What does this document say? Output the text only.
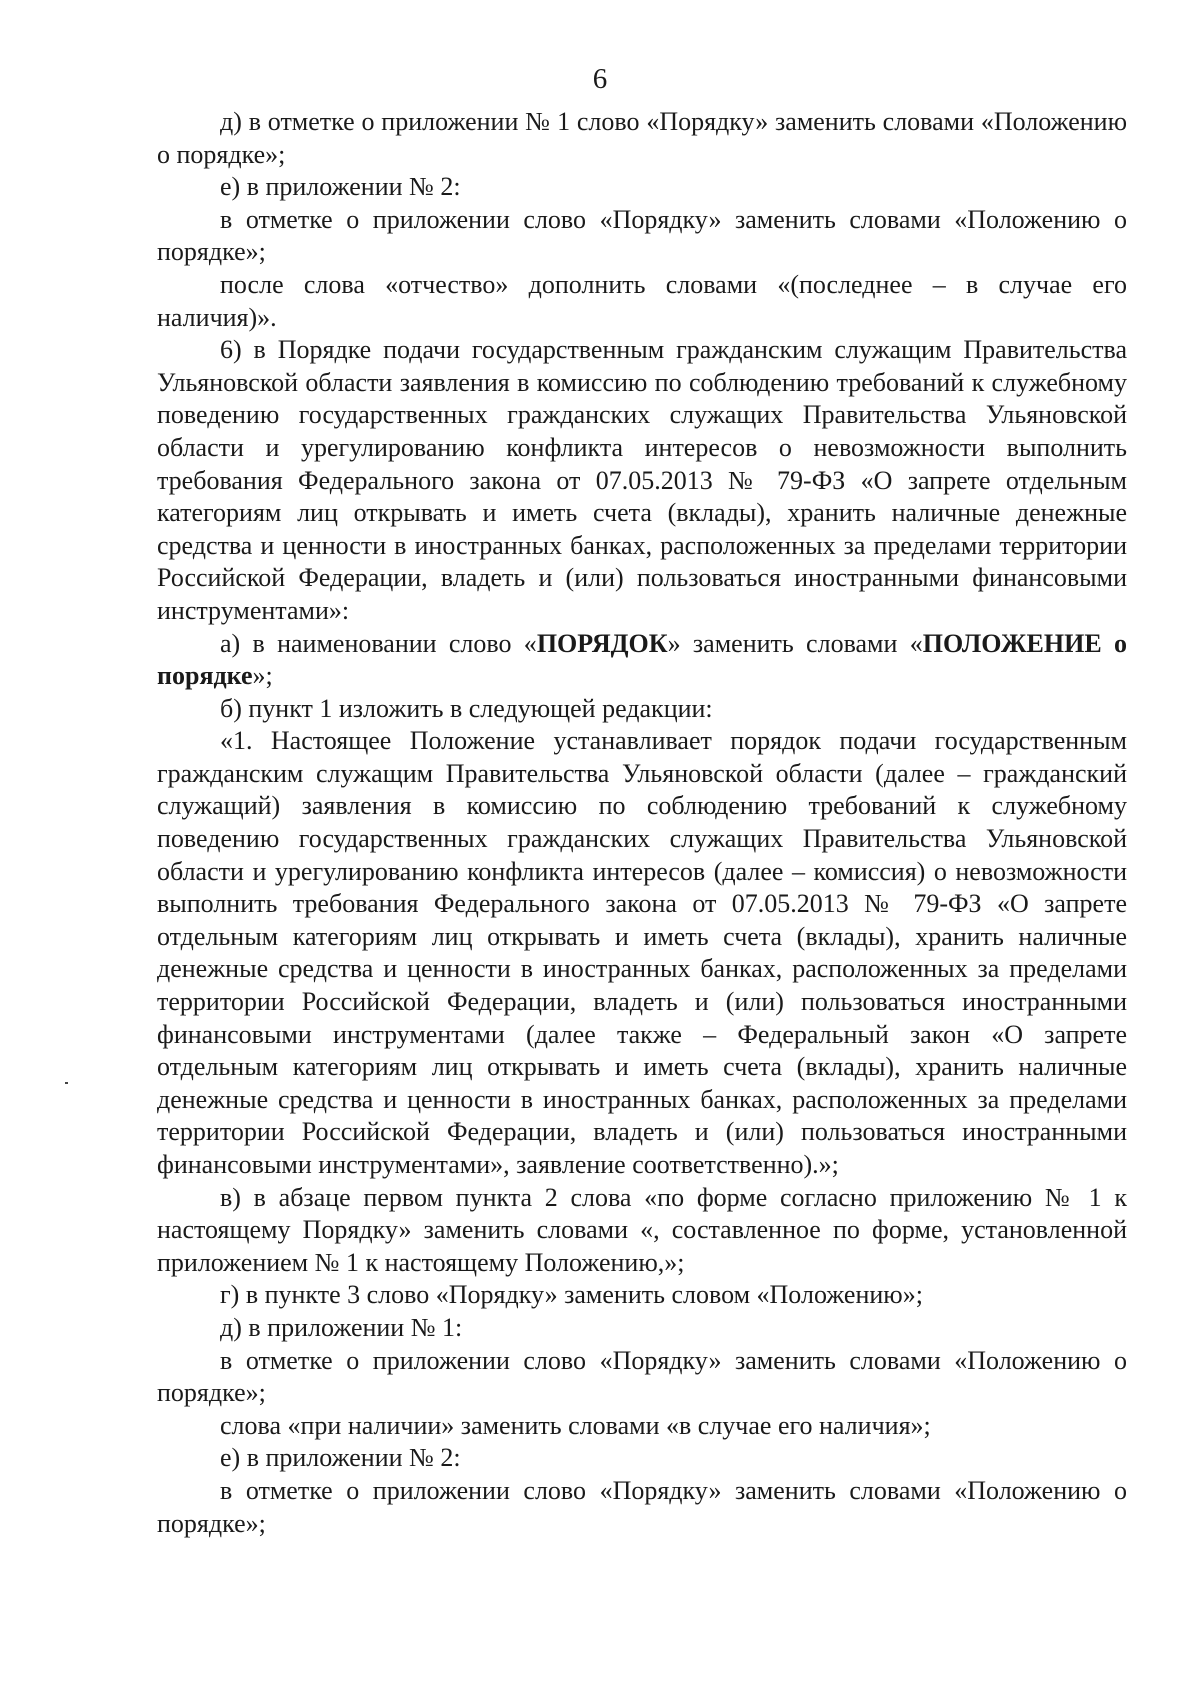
6

д) в отметке о приложении № 1 слово «Порядку» заменить словами «Положению о порядке»;

е) в приложении № 2:

в отметке о приложении слово «Порядку» заменить словами «Положению о порядке»;

после слова «отчество» дополнить словами «(последнее – в случае его наличия)».

6) в Порядке подачи государственным гражданским служащим Правительства Ульяновской области заявления в комиссию по соблюдению требований к служебному поведению государственных гражданских служащих Правительства Ульяновской области и урегулированию конфликта интересов о невозможности выполнить требования Федерального закона от 07.05.2013 № 79-ФЗ «О запрете отдельным категориям лиц открывать и иметь счета (вклады), хранить наличные денежные средства и ценности в иностранных банках, расположенных за пределами территории Российской Федерации, владеть и (или) пользоваться иностранными финансовыми инструментами»:

а) в наименовании слово «ПОРЯДОК» заменить словами «ПОЛОЖЕНИЕ о порядке»;

б) пункт 1 изложить в следующей редакции:

«1. Настоящее Положение устанавливает порядок подачи государственным гражданским служащим Правительства Ульяновской области (далее – гражданский служащий) заявления в комиссию по соблюдению требований к служебному поведению государственных гражданских служащих Правительства Ульяновской области и урегулированию конфликта интересов (далее – комиссия) о невозможности выполнить требования Федерального закона от 07.05.2013 № 79-ФЗ «О запрете отдельным категориям лиц открывать и иметь счета (вклады), хранить наличные денежные средства и ценности в иностранных банках, расположенных за пределами территории Российской Федерации, владеть и (или) пользоваться иностранными финансовыми инструментами (далее также – Федеральный закон «О запрете отдельным категориям лиц открывать и иметь счета (вклады), хранить наличные денежные средства и ценности в иностранных банках, расположенных за пределами территории Российской Федерации, владеть и (или) пользоваться иностранными финансовыми инструментами», заявление соответственно).»;

в) в абзаце первом пункта 2 слова «по форме согласно приложению № 1 к настоящему Порядку» заменить словами «, составленное по форме, установленной приложением № 1 к настоящему Положению,»;

г) в пункте 3 слово «Порядку» заменить словом «Положению»;

д) в приложении № 1:

в отметке о приложении слово «Порядку» заменить словами «Положению о порядке»;

слова «при наличии» заменить словами «в случае его наличия»;

е) в приложении № 2:

в отметке о приложении слово «Порядку» заменить словами «Положению о порядке»;
